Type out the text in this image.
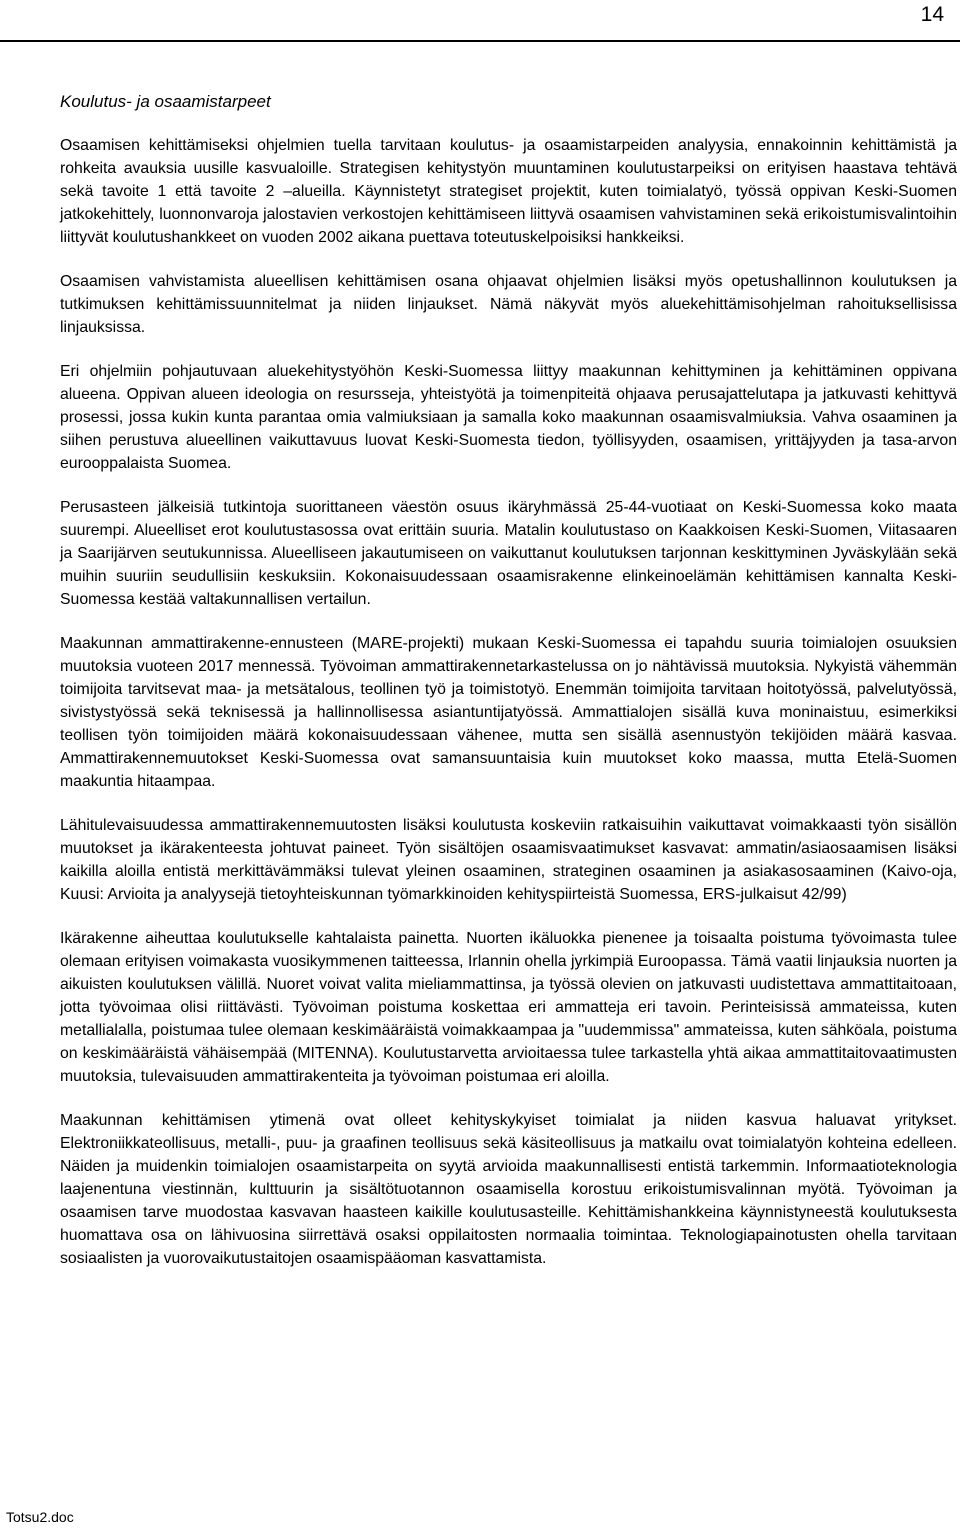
14

Koulutus- ja osaamistarpeet

Osaamisen kehittämiseksi ohjelmien tuella tarvitaan koulutus- ja osaamistarpeiden analyysia, ennakoinnin kehittämistä ja rohkeita avauksia uusille kasvualoille. Strategisen kehitystyön muuntaminen koulutustarpeiksi on erityisen haastava tehtävä sekä tavoite 1 että tavoite 2 –alueilla. Käynnistetyt strategiset projektit, kuten toimialatyö, työssä oppivan Keski-Suomen jatkokehittely, luonnonvaroja jalostavien verkostojen kehittämiseen liittyvä osaamisen vahvistaminen sekä erikoistumisvalintoihin liittyvät koulutushankkeet on vuoden 2002 aikana puettava toteutuskelpoisiksi hankkeiksi.

Osaamisen vahvistamista alueellisen kehittämisen osana ohjaavat ohjelmien lisäksi myös opetushallinnon koulutuksen ja tutkimuksen kehittämissuunnitelmat ja niiden linjaukset. Nämä näkyvät myös aluekehittämisohjelman rahoituksellisissa linjauksissa.

Eri ohjelmiin pohjautuvaan aluekehitystyöhön Keski-Suomessa liittyy maakunnan kehittyminen ja kehittäminen oppivana alueena. Oppivan alueen ideologia on resursseja, yhteistyötä ja toimenpiteitä ohjaava perusajattelutapa ja jatkuvasti kehittyvä prosessi, jossa kukin kunta parantaa omia valmiuksiaan ja samalla koko maakunnan osaamisvalmiuksia. Vahva osaaminen ja siihen perustuva alueellinen vaikuttavuus luovat Keski-Suomesta tiedon, työllisyyden, osaamisen, yrittäjyyden ja tasa-arvon eurooppalaista Suomea.

Perusasteen jälkeisiä tutkintoja suorittaneen väestön osuus ikäryhmässä 25-44-vuotiaat on Keski-Suomessa koko maata suurempi. Alueelliset erot koulutustasossa ovat erittäin suuria. Matalin koulutustaso on Kaakkoisen Keski-Suomen, Viitasaaren ja Saarijärven seutukunnissa. Alueelliseen jakautumiseen on vaikuttanut koulutuksen tarjonnan keskittyminen Jyväskylään sekä muihin suuriin seudullisiin keskuksiin. Kokonaisuudessaan osaamisrakenne elinkeinoelämän kehittämisen kannalta Keski-Suomessa kestää valtakunnallisen vertailun.

Maakunnan ammattirakenne-ennusteen (MARE-projekti) mukaan Keski-Suomessa ei tapahdu suuria toimialojen osuuksien muutoksia vuoteen 2017 mennessä. Työvoiman ammattirakennetarkastelussa on jo nähtävissä muutoksia. Nykyistä vähemmän toimijoita tarvitsevat maa- ja metsätalous, teollinen työ ja toimistotyö. Enemmän toimijoita tarvitaan hoitotyössä, palvelutyössä, sivistystyössä sekä teknisessä ja hallinnollisessa asiantuntijatyössä. Ammattialojen sisällä kuva moninaistuu, esimerkiksi teollisen työn toimijoiden määrä kokonaisuudessaan vähenee, mutta sen sisällä asennustyön tekijöiden määrä kasvaa. Ammattirakennemuutokset Keski-Suomessa ovat samansuuntaisia kuin muutokset koko maassa, mutta Etelä-Suomen maakuntia hitaampaa.

Lähitulevaisuudessa ammattirakennemuutosten lisäksi koulutusta koskeviin ratkaisuihin vaikuttavat voimakkaasti työn sisällön muutokset ja ikärakenteesta johtuvat paineet. Työn sisältöjen osaamisvaatimukset kasvavat: ammatin/asiaosaamisen lisäksi kaikilla aloilla entistä merkittävämmäksi tulevat yleinen osaaminen, strateginen osaaminen ja asiakasosaaminen (Kaivo-oja, Kuusi: Arvioita ja analyysejä tietoyhteiskunnan työmarkkinoiden kehityspiirteistä Suomessa, ERS-julkaisut 42/99)

Ikärakenne aiheuttaa koulutukselle kahtalaista painetta. Nuorten ikäluokka pienenee ja toisaalta poistuma työvoimasta tulee olemaan erityisen voimakasta vuosikymmenen taitteessa, Irlannin ohella jyrkimpiä Euroopassa. Tämä vaatii linjauksia nuorten ja aikuisten koulutuksen välillä. Nuoret voivat valita mieliammattinsa, ja työssä olevien on jatkuvasti uudistettava ammattitaitoaan, jotta työvoimaa olisi riittävästi. Työvoiman poistuma koskettaa eri ammatteja eri tavoin. Perinteisissä ammateissa, kuten metallialalla, poistumaa tulee olemaan keskimääräistä voimakkaampaa ja "uudemmissa" ammateissa, kuten sähköala, poistuma on keskimääräistä vähäisempää (MITENNA). Koulutustarvetta arvioitaessa tulee tarkastella yhtä aikaa ammattitaitovaatimusten muutoksia, tulevaisuuden ammattirakenteita ja työvoiman poistumaa eri aloilla.

Maakunnan kehittämisen ytimenä ovat olleet kehityskykyiset toimialat ja niiden kasvua haluavat yritykset. Elektroniikkateollisuus, metalli-, puu- ja graafinen teollisuus sekä käsiteollisuus ja matkailu ovat toimialatyön kohteina edelleen. Näiden ja muidenkin toimialojen osaamistarpeita on syytä arvioida maakunnallisesti entistä tarkemmin. Informaatioteknologia laajenentuna viestinnän, kulttuurin ja sisältötuotannon osaamisella korostuu erikoistumisvalinnan myötä. Työvoiman ja osaamisen tarve muodostaa kasvavan haasteen kaikille koulutusasteille. Kehittämishankkeina käynnistyneestä koulutuksesta huomattava osa on lähivuosina siirrettävä osaksi oppilaitosten normaalia toimintaa. Teknologiapainotusten ohella tarvitaan sosiaalisten ja vuorovaikutustaitojen osaamispääoman kasvattamista.

Totsu2.doc
